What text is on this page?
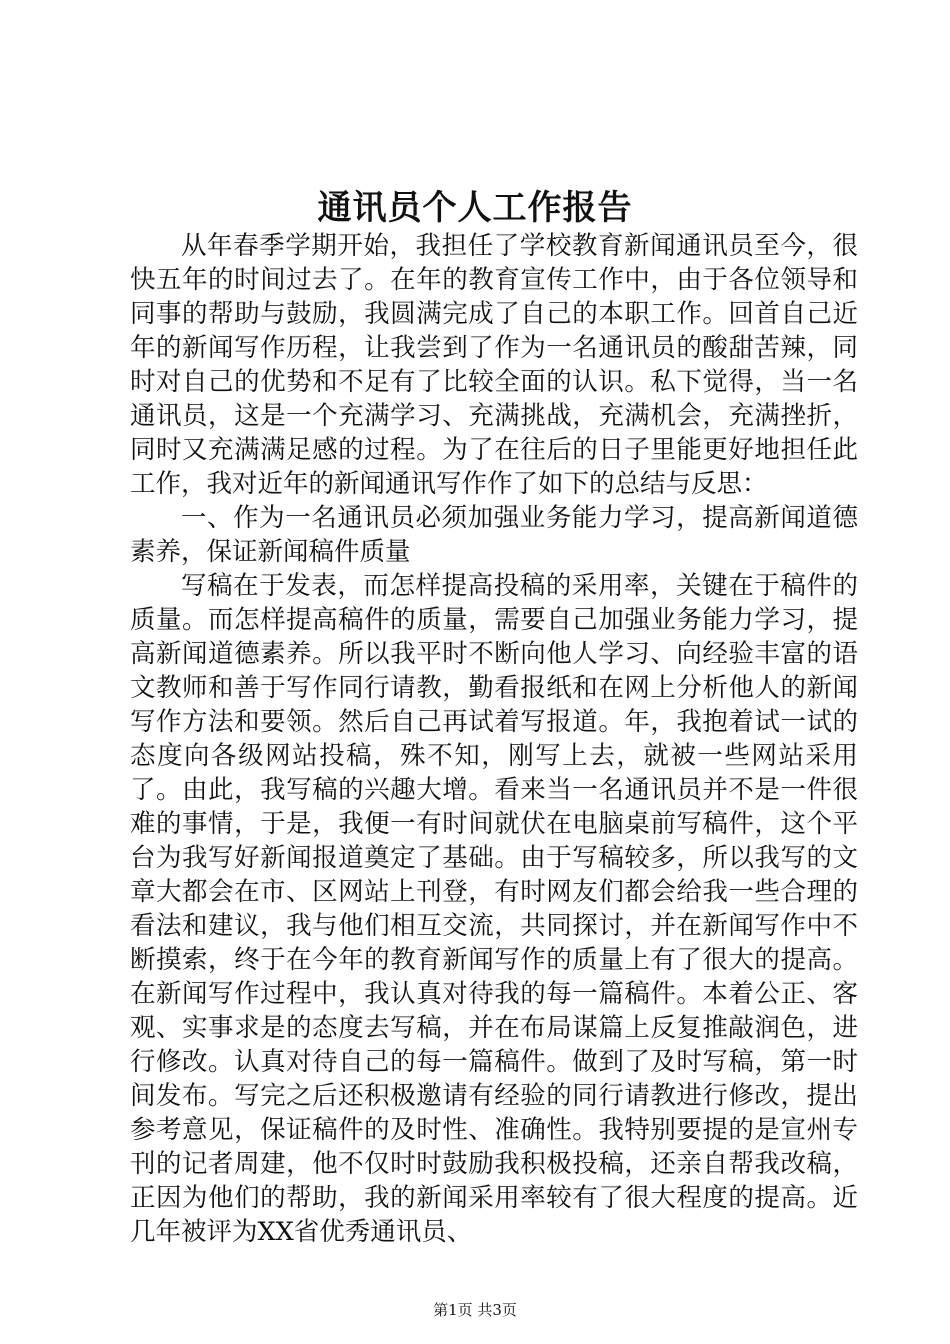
通讯员个人工作报告

从年春季学期开始，我担任了学校教育新闻通讯员至今，很快五年的时间过去了。在年的教育宣传工作中，由于各位领导和同事的帮助与鼓励，我圆满完成了自己的本职工作。回首自己近年的新闻写作历程，让我尝到了作为一名通讯员的酸甜苦辣，同时对自己的优势和不足有了比较全面的认识。私下觉得，当一名通讯员，这是一个充满学习、充满挑战，充满机会，充满挫折，同时又充满满足感的过程。为了在往后的日子里能更好地担任此工作，我对近年的新闻通讯写作作了如下的总结与反思：

一、作为一名通讯员必须加强业务能力学习，提高新闻道德素养，保证新闻稿件质量

写稿在于发表，而怎样提高投稿的采用率，关键在于稿件的质量。而怎样提高稿件的质量，需要自己加强业务能力学习，提高新闻道德素养。所以我平时不断向他人学习、向经验丰富的语文教师和善于写作同行请教，勤看报纸和在网上分析他人的新闻写作方法和要领。然后自己再试着写报道。年，我抱着试一试的态度向各级网站投稿，殊不知，刚写上去，就被一些网站采用了。由此，我写稿的兴趣大增。看来当一名通讯员并不是一件很难的事情，于是，我便一有时间就伏在电脑桌前写稿件，这个平台为我写好新闻报道奠定了基础。由于写稿较多，所以我写的文章大都会在市、区网站上刊登，有时网友们都会给我一些合理的看法和建议，我与他们相互交流，共同探讨，并在新闻写作中不断摸索，终于在今年的教育新闻写作的质量上有了很大的提高。在新闻写作过程中，我认真对待我的每一篇稿件。本着公正、客观、实事求是的态度去写稿，并在布局谋篇上反复推敲润色，进行修改。认真对待自己的每一篇稿件。做到了及时写稿，第一时间发布。写完之后还积极邀请有经验的同行请教进行修改，提出参考意见，保证稿件的及时性、准确性。我特别要提的是宣州专刊的记者周建，他不仅时时鼓励我积极投稿，还亲自帮我改稿，正因为他们的帮助，我的新闻采用率较有了很大程度的提高。近几年被评为XX省优秀通讯员、

第1页 共3页
